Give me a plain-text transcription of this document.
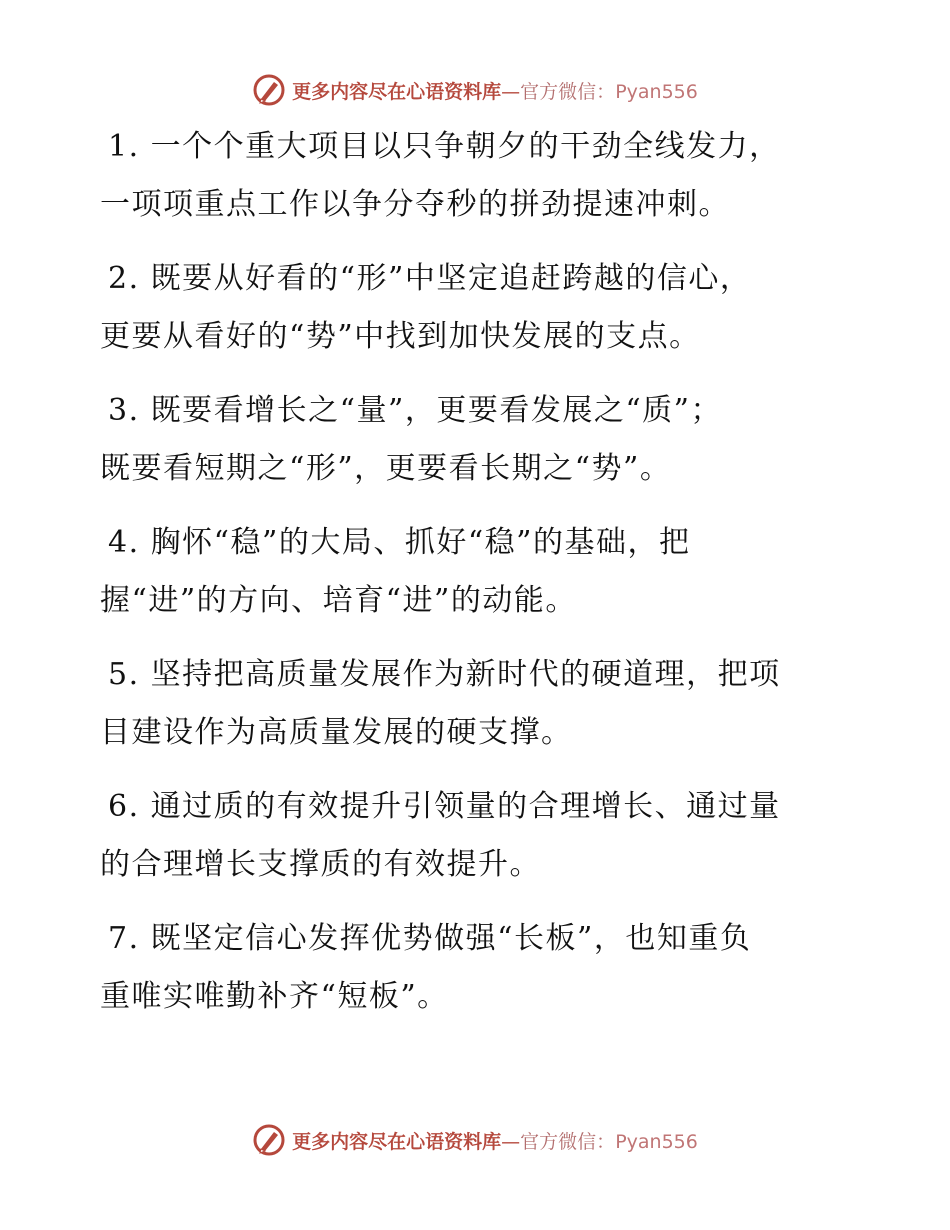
更多内容尽在心语资料库—官方微信：Pyan556

1. 一个个重大项目以只争朝夕的干劲全线发力，

一项项重点工作以争分夺秒的拼劲提速冲刺。

2. 既要从好看的“形”中坚定追赶跨越的信心，

更要从看好的“势”中找到加快发展的支点。

3. 既要看增长之“量”，更要看发展之“质”；

既要看短期之“形”，更要看长期之“势”。

4. 胸怀“稳”的大局、抓好“稳”的基础，把

握“进”的方向、培育“进”的动能。

5. 坚持把高质量发展作为新时代的硬道理，把项

目建设作为高质量发展的硬支撑。

6. 通过质的有效提升引领量的合理增长、通过量

的合理增长支撑质的有效提升。

7. 既坚定信心发挥优势做强“长板”，也知重负

重唯实唯勤补齐“短板”。

更多内容尽在心语资料库—官方微信：Pyan556
